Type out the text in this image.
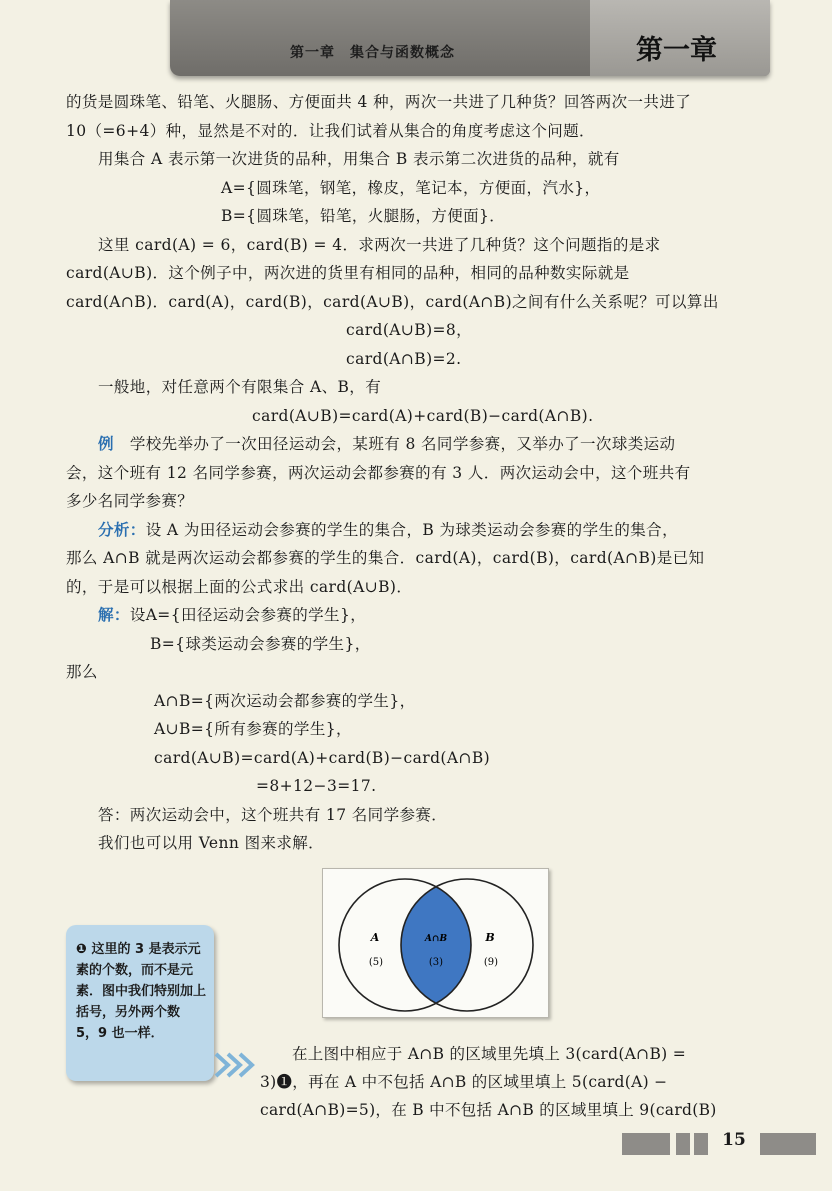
第一章　集合与函数概念	第一章

的货是圆珠笔、铅笔、火腿肠、方便面共 4 种，两次一共进了几种货？回答两次一共进了

10（=6+4）种，显然是不对的．让我们试着从集合的角度考虑这个问题．

用集合 A 表示第一次进货的品种，用集合 B 表示第二次进货的品种，就有

A={圆珠笔，钢笔，橡皮，笔记本，方便面，汽水}，

B={圆珠笔，铅笔，火腿肠，方便面}．

这里 card(A) = 6，card(B) = 4．求两次一共进了几种货？这个问题指的是求

card(A∪B)．这个例子中，两次进的货里有相同的品种，相同的品种数实际就是

card(A∩B)．card(A)，card(B)，card(A∪B)，card(A∩B)之间有什么关系呢？可以算出

card(A∪B)=8，

card(A∩B)=2.

一般地，对任意两个有限集合 A、B，有

card(A∪B)=card(A)+card(B)−card(A∩B).

例　 学校先举办了一次田径运动会，某班有 8 名同学参赛，又举办了一次球类运动

会，这个班有 12 名同学参赛，两次运动会都参赛的有 3 人．两次运动会中，这个班共有

多少名同学参赛？

分析：设 A 为田径运动会参赛的学生的集合，B 为球类运动会参赛的学生的集合，

那么 A∩B 就是两次运动会都参赛的学生的集合．card(A)，card(B)，card(A∩B)是已知

的，于是可以根据上面的公式求出 card(A∪B)．

解：设A={田径运动会参赛的学生}，

B={球类运动会参赛的学生}，

那么

A∩B={两次运动会都参赛的学生}，

A∪B={所有参赛的学生}，

card(A∪B)=card(A)+card(B)−card(A∩B)

=8+12−3=17.

答：两次运动会中，这个班共有 17 名同学参赛．

我们也可以用 Venn 图来求解．

A
(5)
A∩B
(3)
B
(9)
❶ 这里的 3 是表示元素的个数，而不是元素．图中我们特别加上括号，另外两个数 5，9 也一样．

在上图中相应于 A∩B 的区域里先填上 3(card(A∩B) =

3)❶，再在 A 中不包括 A∩B 的区域里填上 5(card(A) −

card(A∩B)=5)，在 B 中不包括 A∩B 的区域里填上 9(card(B)

15
